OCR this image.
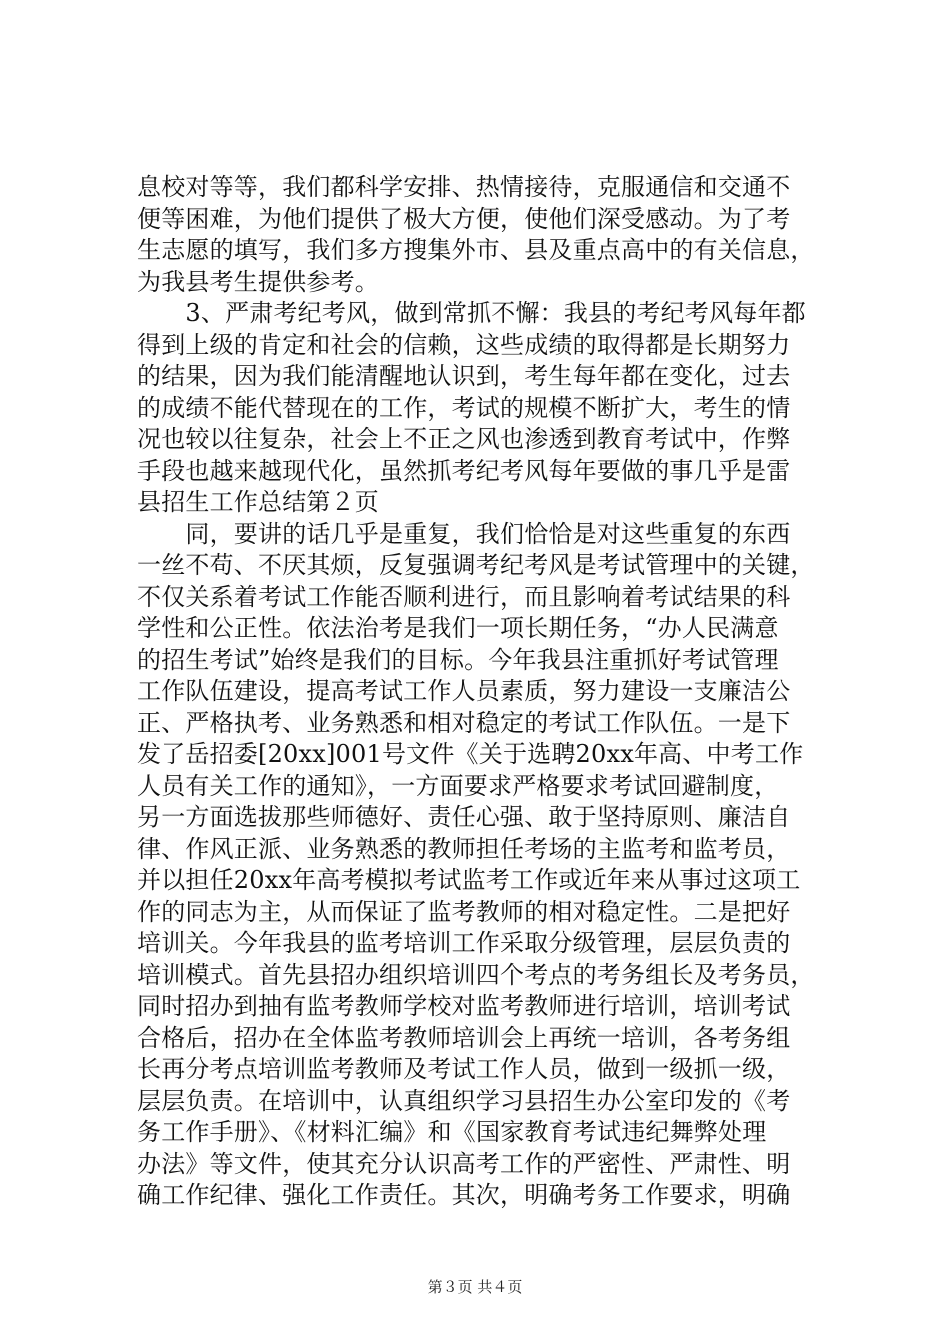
息校对等等，我们都科学安排、热情接待，克服通信和交通不
便等困难，为他们提供了极大方便，使他们深受感动。为了考
生志愿的填写，我们多方搜集外市、县及重点高中的有关信息，
为我县考生提供参考。
　　3、严肃考纪考风，做到常抓不懈：我县的考纪考风每年都
得到上级的肯定和社会的信赖，这些成绩的取得都是长期努力
的结果，因为我们能清醒地认识到，考生每年都在变化，过去
的成绩不能代替现在的工作，考试的规模不断扩大，考生的情
况也较以往复杂，社会上不正之风也渗透到教育考试中，作弊
手段也越来越现代化，虽然抓考纪考风每年要做的事几乎是雷
县招生工作总结第２页
　　同，要讲的话几乎是重复，我们恰恰是对这些重复的东西
一丝不苟、不厌其烦，反复强调考纪考风是考试管理中的关键，
不仅关系着考试工作能否顺利进行，而且影响着考试结果的科
学性和公正性。依法治考是我们一项长期任务，“办人民满意
的招生考试”始终是我们的目标。今年我县注重抓好考试管理
工作队伍建设，提高考试工作人员素质，努力建设一支廉洁公
正、严格执考、业务熟悉和相对稳定的考试工作队伍。一是下
发了岳招委[20xx]001号文件《关于选聘20xx年高、中考工作
人员有关工作的通知》，一方面要求严格要求考试回避制度，
另一方面选拔那些师德好、责任心强、敢于坚持原则、廉洁自
律、作风正派、业务熟悉的教师担任考场的主监考和监考员，
并以担任20xx年高考模拟考试监考工作或近年来从事过这项工
作的同志为主，从而保证了监考教师的相对稳定性。二是把好
培训关。今年我县的监考培训工作采取分级管理，层层负责的
培训模式。首先县招办组织培训四个考点的考务组长及考务员，
同时招办到抽有监考教师学校对监考教师进行培训，培训考试
合格后，招办在全体监考教师培训会上再统一培训，各考务组
长再分考点培训监考教师及考试工作人员，做到一级抓一级，
层层负责。在培训中，认真组织学习县招生办公室印发的《考
务工作手册》、《材料汇编》和《国家教育考试违纪舞弊处理
办法》等文件，使其充分认识高考工作的严密性、严肃性、明
确工作纪律、强化工作责任。其次，明确考务工作要求，明确
第３页 共４页
